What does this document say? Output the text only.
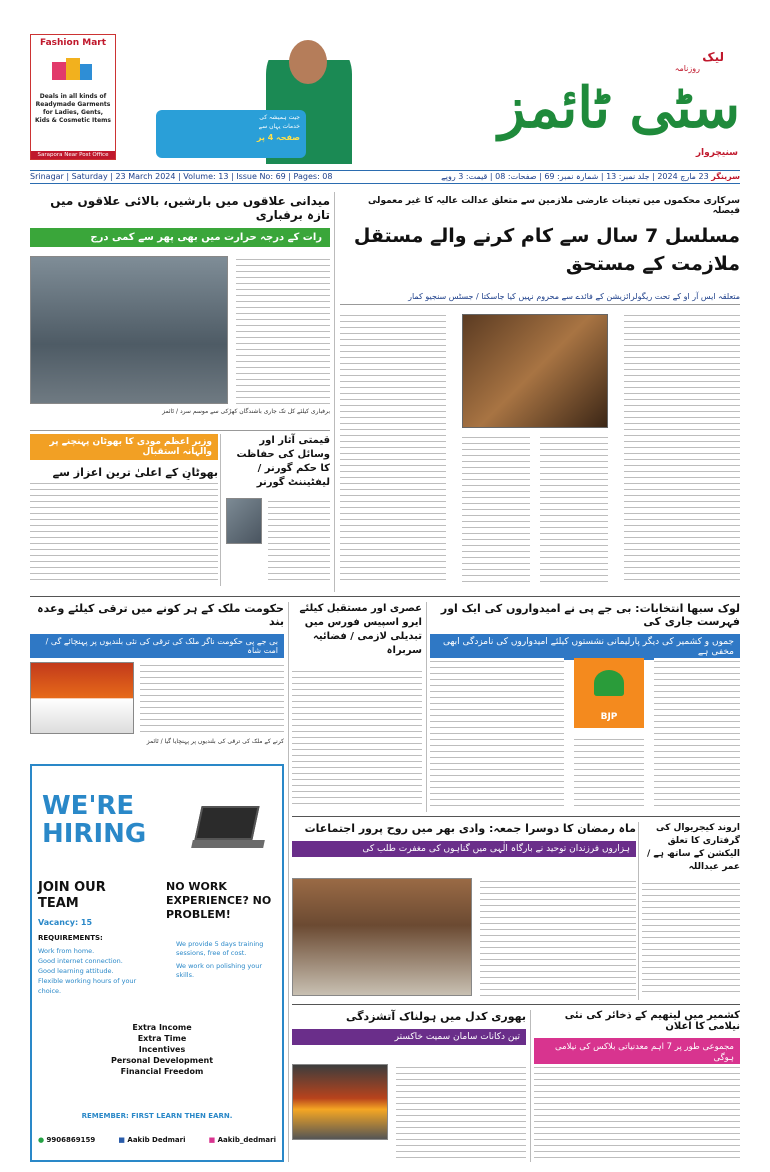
Fashion Mart
Deals in all kinds of Readymade Garments for Ladies, Gents, Kids & Cosmetic Items
Sarapora Near Post Office
جیت ہمیشہ کی
خدمات یہاں سے
صفحہ 4 پر
لیک
روزنامہ
سٹی ٹائمز
سنیچروار
Srinagar | Saturday | 23 March 2024 | Volume: 13 | Issue No: 69 | Pages: 08	سرینگر 23 مارچ 2024 | جلد نمبر: 13 | شمارہ نمبر: 69 | صفحات: 08 | قیمت: 3 روپے
سرکاری محکموں میں تعینات عارضی ملازمین سے متعلق عدالت عالیہ کا غیر معمولی فیصلہ
مسلسل 7 سال سے کام کرنے والے مستقل ملازمت کے مستحق
متعلقہ ایس آر او کے تحت ریگولرائزیشن کے فائدے سے محروم نہیں کیا جاسکتا / جسٹس سنجیو کمار
میدانی علاقوں میں بارشیں، بالائی علاقوں میں تازہ برفباری
رات کے درجہ حرارت میں بھی پھر سے کمی درج
برفباری کیلئے کل تک جاری باشندگان کھڑکی سے موسم سرد / ٹائمز
قیمتی آثار اور وسائل کی حفاظت کا حکم گورنر / لیفٹیننٹ گورنر
وزیر اعظم مودی کا بھوٹان پہنچنے پر والہانہ استقبال
بھوٹان کے اعلیٰ ترین اعزاز سے
لوک سبھا انتخابات: بی جے پی نے امیدواروں کی ایک اور فہرست جاری کی
جموں و کشمیر کی دیگر پارلیمانی نشستوں کیلئے امیدواروں کی نامزدگی ابھی مخفی ہے
BJP
عصری اور مستقبل کیلئے ایرو اسپیس فورس میں تبدیلی لازمی / فضائیہ سربراہ
حکومت ملک کے ہر کونے میں ترقی کیلئے وعدہ بند
بی جے پی حکومت ناگر ملک کی ترقی کی نئی بلندیوں پر پہنچائے گی / امت شاہ
کرنے کے ملک کی ترقی کی بلندیوں پر پہنچایا گیا / ٹائمز
WE'RE HIRING
JOIN OUR TEAM
Vacancy: 15
REQUIREMENTS:
Work from home.
Good internet connection.
Good learning attitude.
Flexible working hours of your choice.
NO WORK EXPERIENCE? NO PROBLEM!
We provide 5 days training sessions, free of cost.
We work on polishing your skills.
Extra Income
Extra Time
Incentives
Personal Development
Financial Freedom
REMEMBER: FIRST LEARN THEN EARN.
● 9906869159	■ Aakib Dedmari	■ Aakib_dedmari
ماہ رمضان کا دوسرا جمعہ: وادی بھر میں روح پرور اجتماعات
ہزاروں فرزندان توحید نے بارگاہ الٰہی میں گناہوں کی مغفرت طلب کی
اروند کیجریوال کی گرفتاری کا تعلق الیکشن کے ساتھ ہے / عمر عبداللہ
بھوری کدل میں ہولناک آتشزدگی
تین دکانات سامان سمیت خاکستر
کشمیر میں لیتھیم کے ذخائر کی نئی نیلامی کا اعلان
مجموعی طور پر 7 اہم معدنیاتی بلاکس کی نیلامی ہوگی
